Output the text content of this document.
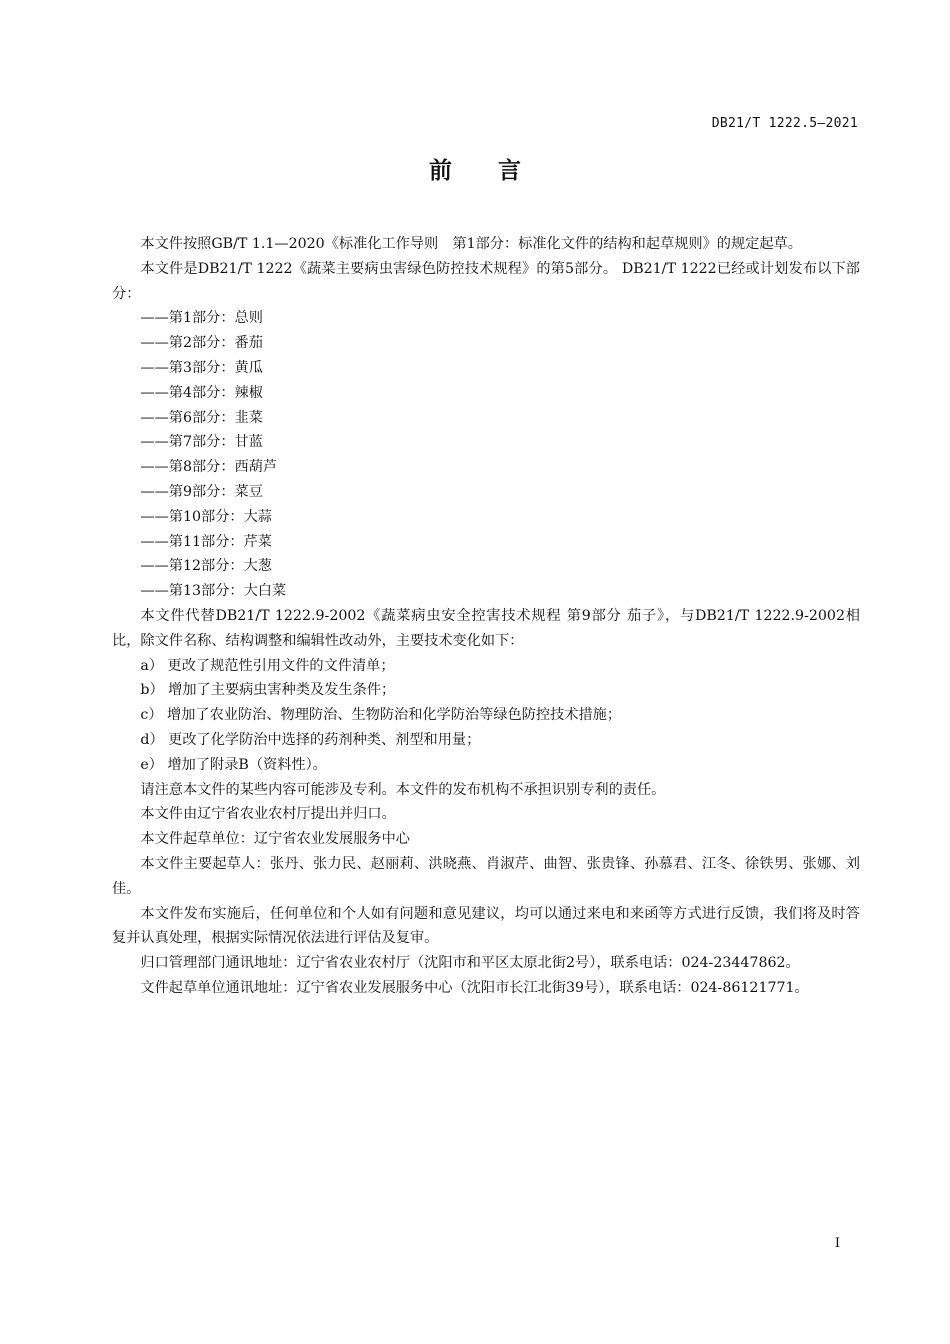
DB21/T 1222.5—2021
前 言

本文件按照GB/T 1.1—2020《标准化工作导则　第1部分：标准化文件的结构和起草规则》的规定起草。

本文件是DB21/T 1222《蔬菜主要病虫害绿色防控技术规程》的第5部分。 DB21/T 1222已经或计划发布以下部分：

——第1部分：总则
——第2部分：番茄
——第3部分：黄瓜
——第4部分：辣椒
——第6部分：韭菜
——第7部分：甘蓝
——第8部分：西葫芦
——第9部分：菜豆
——第10部分：大蒜
——第11部分：芹菜
——第12部分：大葱
——第13部分：大白菜

本文件代替DB21/T 1222.9-2002《蔬菜病虫安全控害技术规程 第9部分 茄子》，与DB21/T 1222.9-2002相比，除文件名称、结构调整和编辑性改动外，主要技术变化如下：

a） 更改了规范性引用文件的文件清单；
b） 增加了主要病虫害种类及发生条件；
c） 增加了农业防治、物理防治、生物防治和化学防治等绿色防控技术措施；
d） 更改了化学防治中选择的药剂种类、剂型和用量；
e） 增加了附录B（资料性）。

请注意本文件的某些内容可能涉及专利。本文件的发布机构不承担识别专利的责任。

本文件由辽宁省农业农村厅提出并归口。

本文件起草单位：辽宁省农业发展服务中心

本文件主要起草人：张丹、张力民、赵丽莉、洪晓燕、肖淑芹、曲智、张贵锋、孙慕君、江冬、徐铁男、张娜、刘佳。

本文件发布实施后，任何单位和个人如有问题和意见建议，均可以通过来电和来函等方式进行反馈，我们将及时答复并认真处理，根据实际情况依法进行评估及复审。

归口管理部门通讯地址：辽宁省农业农村厅（沈阳市和平区太原北街2号），联系电话：024-23447862。

文件起草单位通讯地址：辽宁省农业发展服务中心（沈阳市长江北街39号），联系电话：024-86121771。

I
